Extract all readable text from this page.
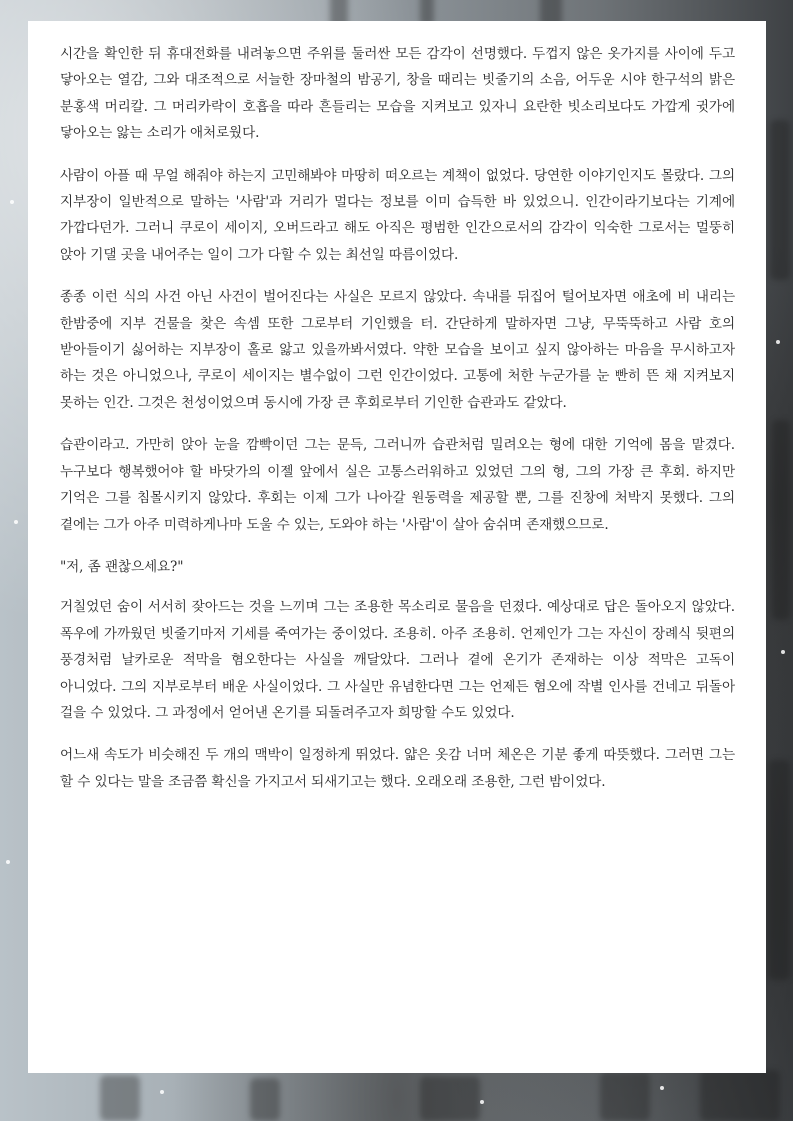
시간을 확인한 뒤 휴대전화를 내려놓으면 주위를 둘러싼 모든 감각이 선명했다. 두껍지 않은 옷가지를 사이에 두고 닿아오는 열감, 그와 대조적으로 서늘한 장마철의 밤공기, 창을 때리는 빗줄기의 소음, 어두운 시야 한구석의 밝은 분홍색 머리칼. 그 머리카락이 호흡을 따라 흔들리는 모습을 지켜보고 있자니 요란한 빗소리보다도 가깝게 귓가에 닿아오는 앓는 소리가 애처로웠다.

사람이 아플 때 무얼 해줘야 하는지 고민해봐야 마땅히 떠오르는 계책이 없었다. 당연한 이야기인지도 몰랐다. 그의 지부장이 일반적으로 말하는 '사람'과 거리가 멀다는 정보를 이미 습득한 바 있었으니. 인간이라기보다는 기계에 가깝다던가. 그러니 쿠로이 세이지, 오버드라고 해도 아직은 평범한 인간으로서의 감각이 익숙한 그로서는 멀뚱히 앉아 기댈 곳을 내어주는 일이 그가 다할 수 있는 최선일 따름이었다.

종종 이런 식의 사건 아닌 사건이 벌어진다는 사실은 모르지 않았다. 속내를 뒤집어 털어보자면 애초에 비 내리는 한밤중에 지부 건물을 찾은 속셈 또한 그로부터 기인했을 터. 간단하게 말하자면 그냥, 무뚝뚝하고 사람 호의 받아들이기 싫어하는 지부장이 홀로 앓고 있을까봐서였다. 약한 모습을 보이고 싶지 않아하는 마음을 무시하고자 하는 것은 아니었으나, 쿠로이 세이지는 별수없이 그런 인간이었다. 고통에 처한 누군가를 눈 빤히 뜬 채 지켜보지 못하는 인간. 그것은 천성이었으며 동시에 가장 큰 후회로부터 기인한 습관과도 같았다.

습관이라고. 가만히 앉아 눈을 깜빡이던 그는 문득, 그러니까 습관처럼 밀려오는 형에 대한 기억에 몸을 맡겼다. 누구보다 행복했어야 할 바닷가의 이젤 앞에서 실은 고통스러워하고 있었던 그의 형, 그의 가장 큰 후회. 하지만 기억은 그를 침몰시키지 않았다. 후회는 이제 그가 나아갈 원동력을 제공할 뿐, 그를 진창에 처박지 못했다. 그의 곁에는 그가 아주 미력하게나마 도울 수 있는, 도와야 하는 '사람'이 살아 숨쉬며 존재했으므로.

"저, 좀 괜찮으세요?"

거칠었던 숨이 서서히 잦아드는 것을 느끼며 그는 조용한 목소리로 물음을 던졌다. 예상대로 답은 돌아오지 않았다. 폭우에 가까웠던 빗줄기마저 기세를 죽여가는 중이었다. 조용히. 아주 조용히. 언제인가 그는 자신이 장례식 뒷편의 풍경처럼 날카로운 적막을 혐오한다는 사실을 깨달았다. 그러나 곁에 온기가 존재하는 이상 적막은 고독이 아니었다. 그의 지부로부터 배운 사실이었다. 그 사실만 유념한다면 그는 언제든 혐오에 작별 인사를 건네고 뒤돌아 걸을 수 있었다. 그 과정에서 얻어낸 온기를 되돌려주고자 희망할 수도 있었다.

어느새 속도가 비슷해진 두 개의 맥박이 일정하게 뛰었다. 얇은 옷감 너머 체온은 기분 좋게 따뜻했다. 그러면 그는 할 수 있다는 말을 조금쯤 확신을 가지고서 되새기고는 했다. 오래오래 조용한, 그런 밤이었다.
